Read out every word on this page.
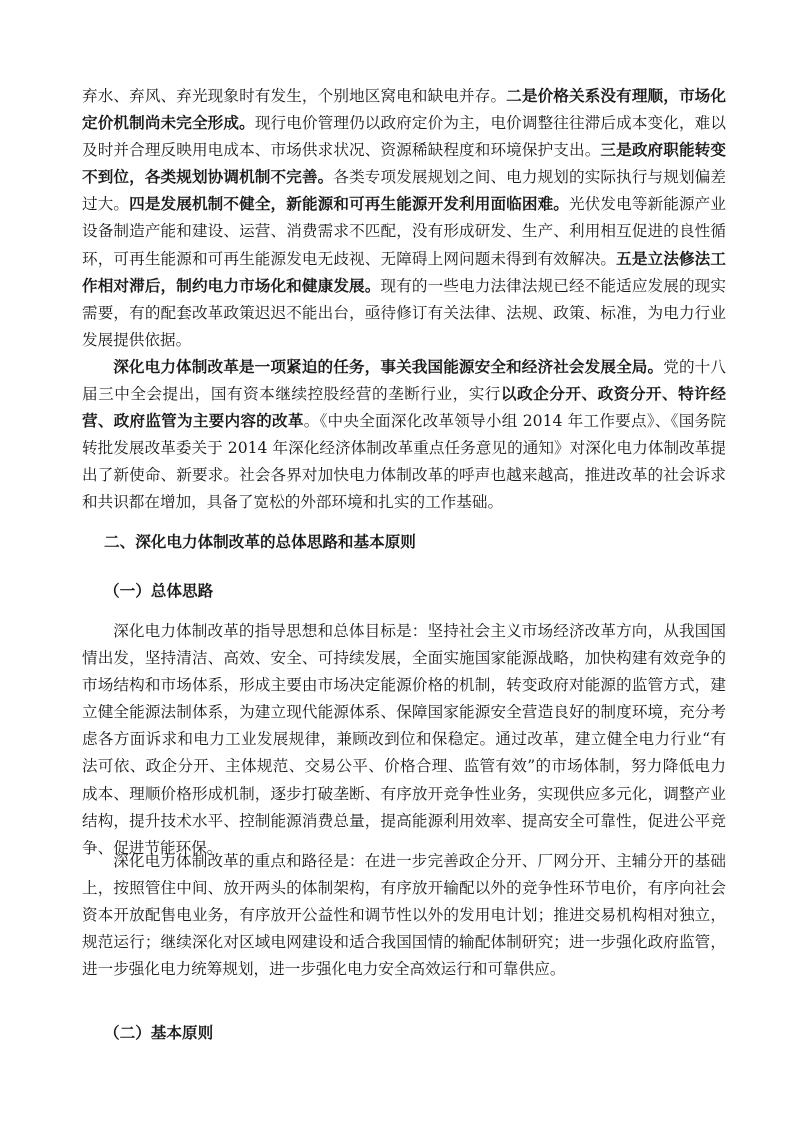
弃水、弃风、弃光现象时有发生，个别地区窝电和缺电并存。二是价格关系没有理顺，市场化定价机制尚未完全形成。现行电价管理仍以政府定价为主，电价调整往往滞后成本变化，难以及时并合理反映用电成本、市场供求状况、资源稀缺程度和环境保护支出。三是政府职能转变不到位，各类规划协调机制不完善。各类专项发展规划之间、电力规划的实际执行与规划偏差过大。四是发展机制不健全，新能源和可再生能源开发利用面临困难。光伏发电等新能源产业设备制造产能和建设、运营、消费需求不匹配，没有形成研发、生产、利用相互促进的良性循环，可再生能源和可再生能源发电无歧视、无障碍上网问题未得到有效解决。五是立法修法工作相对滞后，制约电力市场化和健康发展。现有的一些电力法律法规已经不能适应发展的现实需要，有的配套改革政策迟迟不能出台，亟待修订有关法律、法规、政策、标准，为电力行业发展提供依据。

深化电力体制改革是一项紧迫的任务，事关我国能源安全和经济社会发展全局。党的十八届三中全会提出，国有资本继续控股经营的垄断行业，实行以政企分开、政资分开、特许经营、政府监管为主要内容的改革。《中央全面深化改革领导小组 2014 年工作要点》、《国务院转批发展改革委关于 2014 年深化经济体制改革重点任务意见的通知》对深化电力体制改革提出了新使命、新要求。社会各界对加快电力体制改革的呼声也越来越高，推进改革的社会诉求和共识都在增加，具备了宽松的外部环境和扎实的工作基础。

二、深化电力体制改革的总体思路和基本原则
（一）总体思路

深化电力体制改革的指导思想和总体目标是：坚持社会主义市场经济改革方向，从我国国情出发，坚持清洁、高效、安全、可持续发展，全面实施国家能源战略，加快构建有效竞争的市场结构和市场体系，形成主要由市场决定能源价格的机制，转变政府对能源的监管方式，建立健全能源法制体系，为建立现代能源体系、保障国家能源安全营造良好的制度环境，充分考虑各方面诉求和电力工业发展规律，兼顾改到位和保稳定。通过改革，建立健全电力行业“有法可依、政企分开、主体规范、交易公平、价格合理、监管有效”的市场体制，努力降低电力成本、理顺价格形成机制，逐步打破垄断、有序放开竞争性业务，实现供应多元化，调整产业结构，提升技术水平、控制能源消费总量，提高能源利用效率、提高安全可靠性，促进公平竞争、促进节能环保。

深化电力体制改革的重点和路径是：在进一步完善政企分开、厂网分开、主辅分开的基础上，按照管住中间、放开两头的体制架构，有序放开输配以外的竞争性环节电价，有序向社会资本开放配售电业务，有序放开公益性和调节性以外的发用电计划；推进交易机构相对独立，规范运行；继续深化对区域电网建设和适合我国国情的输配体制研究；进一步强化政府监管，进一步强化电力统筹规划，进一步强化电力安全高效运行和可靠供应。

（二）基本原则
